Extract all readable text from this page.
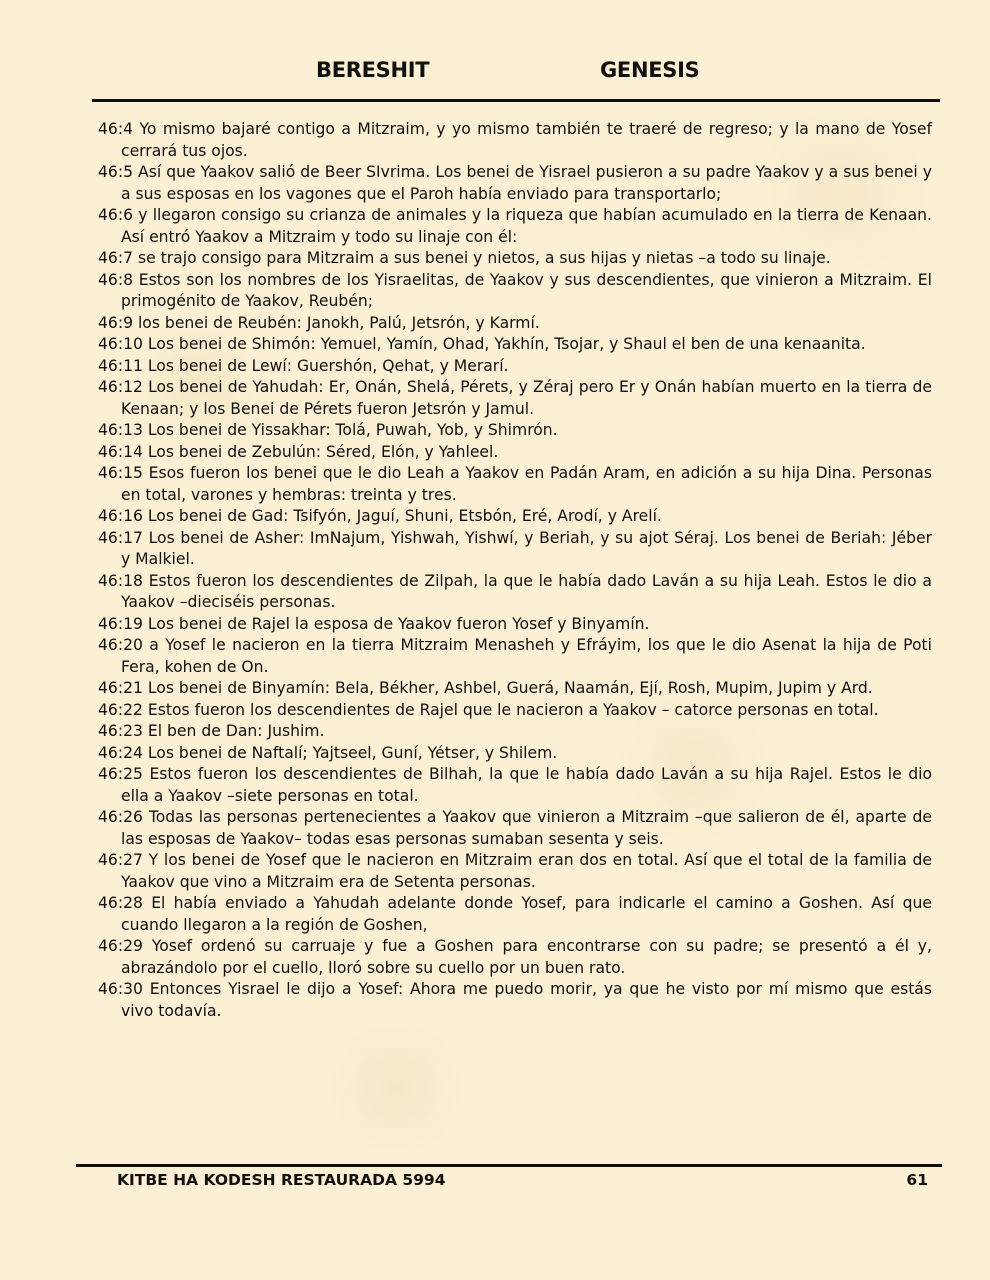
BERESHIT	GENESIS

46:4 Yo mismo bajaré contigo a Mitzraim, y yo mismo también te traeré de regreso; y la mano de Yosef cerrará tus ojos.

46:5 Así que Yaakov salió de Beer SIvrima. Los benei de Yisrael pusieron a su padre Yaakov y a sus benei y a sus esposas en los vagones que el Paroh había enviado para transportarlo;

46:6 y llegaron consigo su crianza de animales y la riqueza que habían acumulado en la tierra de Kenaan. Así entró Yaakov a Mitzraim y todo su linaje con él:

46:7 se trajo consigo para Mitzraim a sus benei y nietos, a sus hijas y nietas –a todo su linaje.

46:8 Estos son los nombres de los Yisraelitas, de Yaakov y sus descendientes, que vinieron a Mitzraim. El primogénito de Yaakov, Reubén;

46:9 los benei de Reubén: Janokh, Palú, Jetsrón, y Karmí.

46:10 Los benei de Shimón: Yemuel, Yamín, Ohad, Yakhín, Tsojar, y Shaul el ben de una kenaanita.

46:11 Los benei de Lewí: Guershón, Qehat, y Merarí.

46:12 Los benei de Yahudah: Er, Onán, Shelá, Pérets, y Zéraj pero Er y Onán habían muerto en la tierra de Kenaan; y los Benei de Pérets fueron Jetsrón y Jamul.

46:13 Los benei de Yissakhar: Tolá, Puwah, Yob, y Shimrón.

46:14 Los benei de Zebulún: Séred, Elón, y Yahleel.

46:15 Esos fueron los benei que le dio Leah a Yaakov en Padán Aram, en adición a su hija Dina. Personas en total, varones y hembras: treinta y tres.

46:16 Los benei de Gad: Tsifyón, Jaguí, Shuni, Etsbón, Eré, Arodí, y Arelí.

46:17 Los benei de Asher: ImNajum, Yishwah, Yishwí, y Beriah, y su ajot Séraj. Los benei de Beriah: Jéber y Malkiel.

46:18 Estos fueron los descendientes de Zilpah, la que le había dado Laván a su hija Leah. Estos le dio a Yaakov –dieciséis personas.

46:19 Los benei de Rajel la esposa de Yaakov fueron Yosef y Binyamín.

46:20 a Yosef le nacieron en la tierra Mitzraim Menasheh y Efráyim, los que le dio Asenat la hija de Poti Fera, kohen de On.

46:21 Los benei de Binyamín: Bela, Békher, Ashbel, Guerá, Naamán, Ejí, Rosh, Mupim, Jupim y Ard.

46:22 Estos fueron los descendientes de Rajel que le nacieron a Yaakov – catorce personas en total.

46:23 El ben de Dan: Jushim.

46:24 Los benei de Naftalí; Yajtseel, Guní, Yétser, y Shilem.

46:25 Estos fueron los descendientes de Bilhah, la que le había dado Laván a su hija Rajel. Estos le dio ella a Yaakov –siete personas en total.

46:26 Todas las personas pertenecientes a Yaakov que vinieron a Mitzraim –que salieron de él, aparte de las esposas de Yaakov– todas esas personas sumaban sesenta y seis.

46:27 Y los benei de Yosef que le nacieron en Mitzraim eran dos en total. Así que el total de la familia de Yaakov que vino a Mitzraim era de Setenta personas.

46:28 El había enviado a Yahudah adelante donde Yosef, para indicarle el camino a Goshen. Así que cuando llegaron a la región de Goshen,

46:29 Yosef ordenó su carruaje y fue a Goshen para encontrarse con su padre; se presentó a él y, abrazándolo por el cuello, lloró sobre su cuello por un buen rato.

46:30 Entonces Yisrael le dijo a Yosef: Ahora me puedo morir, ya que he visto por mí mismo que estás vivo todavía.

KITBE HA KODESH RESTAURADA 5994	61
